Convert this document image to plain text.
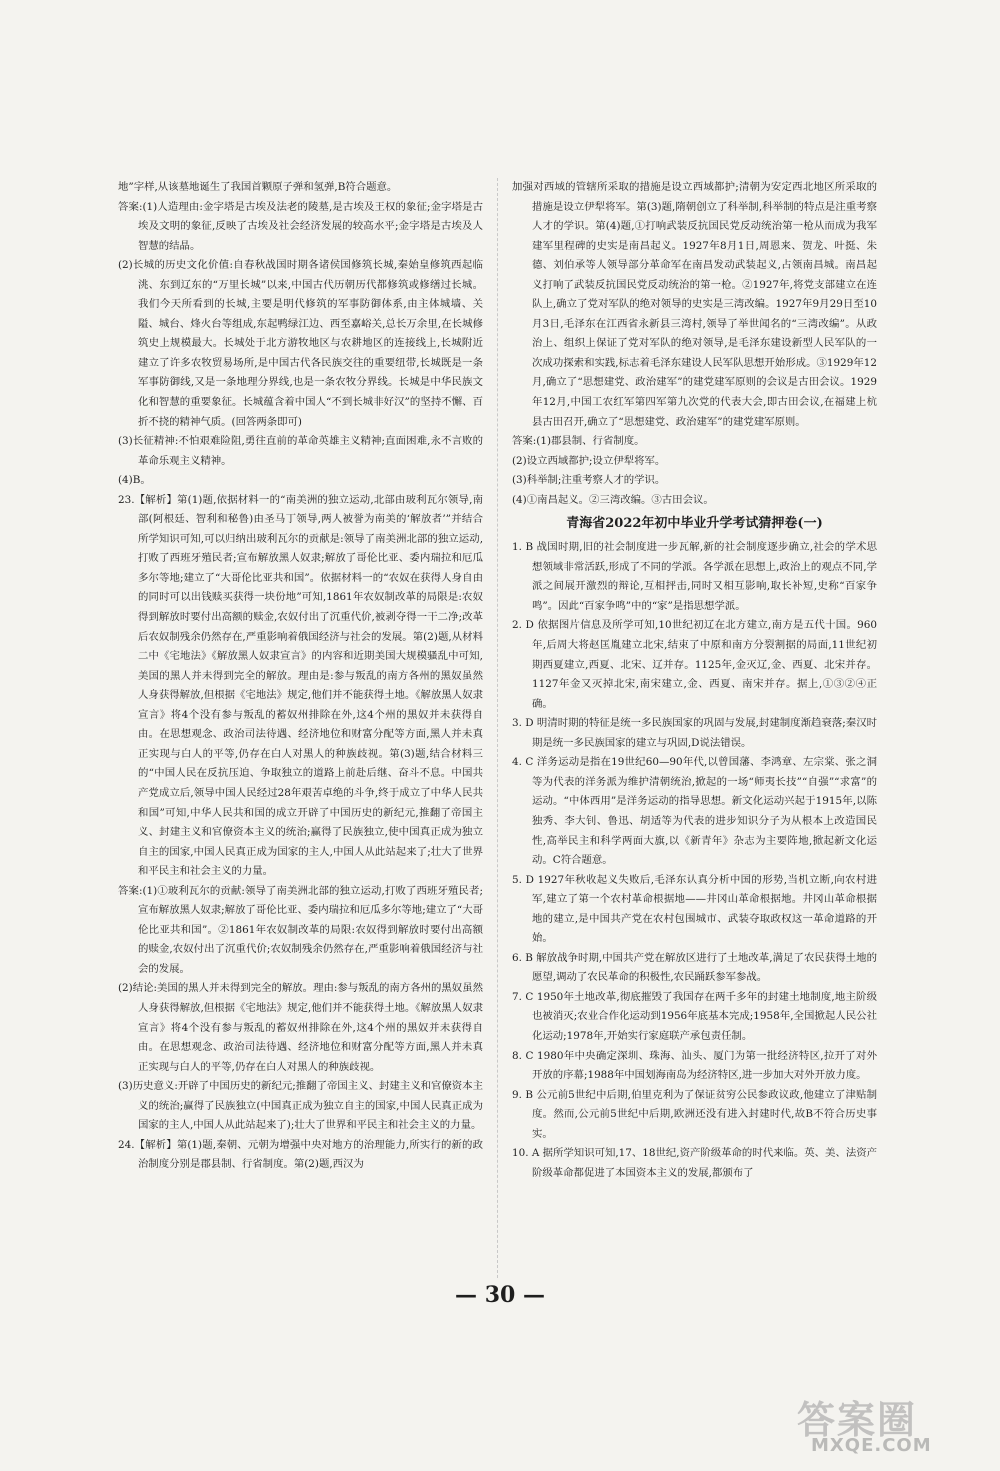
地”字样,从该墓地诞生了我国首颗原子弹和氢弹,B符合题意。
答案:(1)人造理由:金字塔是古埃及法老的陵墓,是古埃及王权的象征;金字塔是古埃及文明的象征,反映了古埃及社会经济发展的较高水平;金字塔是古埃及人智慧的结晶。
(2)长城的历史文化价值:自春秋战国时期各诸侯国修筑长城,秦始皇修筑西起临洮、东到辽东的“万里长城”以来,中国古代历朝历代都修筑或修缮过长城。我们今天所看到的长城,主要是明代修筑的军事防御体系,由主体城墙、关隘、城台、烽火台等组成,东起鸭绿江边、西至嘉峪关,总长万余里,在长城修筑史上规模最大。长城处于北方游牧地区与农耕地区的连接线上,长城附近建立了许多农牧贸易场所,是中国古代各民族交往的重要纽带,长城既是一条军事防御线,又是一条地理分界线,也是一条农牧分界线。长城是中华民族文化和智慧的重要象征。长城蕴含着中国人“不到长城非好汉”的坚持不懈、百折不挠的精神气质。(回答两条即可)
(3)长征精神:不怕艰难险阻,勇往直前的革命英雄主义精神;直面困难,永不言败的革命乐观主义精神。
(4)B。
23.【解析】第(1)题,依据材料一的“南美洲的独立运动,北部由玻利瓦尔领导,南部(阿根廷、智利和秘鲁)由圣马丁领导,两人被誉为南美的‘解放者’”并结合所学知识可知,可以归纳出玻利瓦尔的贡献是:领导了南美洲北部的独立运动,打败了西班牙殖民者;宣布解放黑人奴隶;解放了哥伦比亚、委内瑞拉和厄瓜多尔等地;建立了“大哥伦比亚共和国”。依据材料一的“农奴在获得人身自由的同时可以出钱赎买获得一块份地”可知,1861年农奴制改革的局限是:农奴得到解放时要付出高额的赎金,农奴付出了沉重代价,被剥夺得一干二净;改革后农奴制残余仍然存在,严重影响着俄国经济与社会的发展。第(2)题,从材料二中《宅地法》《解放黑人奴隶宣言》的内容和近期美国大规模骚乱中可知,美国的黑人并未得到完全的解放。理由是:参与叛乱的南方各州的黑奴虽然人身获得解放,但根据《宅地法》规定,他们并不能获得土地。《解放黑人奴隶宣言》将4个没有参与叛乱的蓄奴州排除在外,这4个州的黑奴并未获得自由。在思想观念、政治司法待遇、经济地位和财富分配等方面,黑人并未真正实现与白人的平等,仍存在白人对黑人的种族歧视。第(3)题,结合材料三的“中国人民在反抗压迫、争取独立的道路上前赴后继、奋斗不息。中国共产党成立后,领导中国人民经过28年艰苦卓绝的斗争,终于成立了中华人民共和国”可知,中华人民共和国的成立开辟了中国历史的新纪元,推翻了帝国主义、封建主义和官僚资本主义的统治;赢得了民族独立,使中国真正成为独立自主的国家,中国人民真正成为国家的主人,中国人从此站起来了;壮大了世界和平民主和社会主义的力量。
答案:(1)①玻利瓦尔的贡献:领导了南美洲北部的独立运动,打败了西班牙殖民者;宣布解放黑人奴隶;解放了哥伦比亚、委内瑞拉和厄瓜多尔等地;建立了“大哥伦比亚共和国”。②1861年农奴制改革的局限:农奴得到解放时要付出高额的赎金,农奴付出了沉重代价;农奴制残余仍然存在,严重影响着俄国经济与社会的发展。
(2)结论:美国的黑人并未得到完全的解放。理由:参与叛乱的南方各州的黑奴虽然人身获得解放,但根据《宅地法》规定,他们并不能获得土地。《解放黑人奴隶宣言》将4个没有参与叛乱的蓄奴州排除在外,这4个州的黑奴并未获得自由。在思想观念、政治司法待遇、经济地位和财富分配等方面,黑人并未真正实现与白人的平等,仍存在白人对黑人的种族歧视。
(3)历史意义:开辟了中国历史的新纪元;推翻了帝国主义、封建主义和官僚资本主义的统治;赢得了民族独立(中国真正成为独立自主的国家,中国人民真正成为国家的主人,中国人从此站起来了);壮大了世界和平民主和社会主义的力量。
24.【解析】第(1)题,秦朝、元朝为增强中央对地方的治理能力,所实行的新的政治制度分别是郡县制、行省制度。第(2)题,西汉为
加强对西域的管辖所采取的措施是设立西域都护;清朝为安定西北地区所采取的措施是设立伊犁将军。第(3)题,隋朝创立了科举制,科举制的特点是注重考察人才的学识。第(4)题,①打响武装反抗国民党反动统治第一枪从而成为我军建军里程碑的史实是南昌起义。1927年8月1日,周恩来、贺龙、叶挺、朱德、刘伯承等人领导部分革命军在南昌发动武装起义,占领南昌城。南昌起义打响了武装反抗国民党反动统治的第一枪。②1927年,将党支部建立在连队上,确立了党对军队的绝对领导的史实是三湾改编。1927年9月29日至10月3日,毛泽东在江西省永新县三湾村,领导了举世闻名的“三湾改编”。从政治上、组织上保证了党对军队的绝对领导,是毛泽东建设新型人民军队的一次成功探索和实践,标志着毛泽东建设人民军队思想开始形成。③1929年12月,确立了“思想建党、政治建军”的建党建军原则的会议是古田会议。1929年12月,中国工农红军第四军第九次党的代表大会,即古田会议,在福建上杭县古田召开,确立了“思想建党、政治建军”的建党建军原则。
答案:(1)郡县制、行省制度。
(2)设立西域都护;设立伊犁将军。
(3)科举制;注重考察人才的学识。
(4)①南昌起义。②三湾改编。③古田会议。
青海省2022年初中毕业升学考试猜押卷(一)
1. B 战国时期,旧的社会制度进一步瓦解,新的社会制度逐步确立,社会的学术思想领域非常活跃,形成了不同的学派。各学派在思想上,政治上的观点不同,学派之间展开激烈的辩论,互相抨击,同时又相互影响,取长补短,史称“百家争鸣”。因此“百家争鸣”中的“家”是指思想学派。
2. D 依据图片信息及所学可知,10世纪初辽在北方建立,南方是五代十国。960年,后周大将赵匡胤建立北宋,结束了中原和南方分裂割据的局面,11世纪初期西夏建立,西夏、北宋、辽并存。1125年,金灭辽,金、西夏、北宋并存。1127年金又灭掉北宋,南宋建立,金、西夏、南宋并存。据上,①③②④正确。
3. D 明清时期的特征是统一多民族国家的巩固与发展,封建制度渐趋衰落;秦汉时期是统一多民族国家的建立与巩固,D说法错误。
4. C 洋务运动是指在19世纪60—90年代,以曾国藩、李鸿章、左宗棠、张之洞等为代表的洋务派为维护清朝统治,掀起的一场“师夷长技”“自强”“求富”的运动。“中体西用”是洋务运动的指导思想。新文化运动兴起于1915年,以陈独秀、李大钊、鲁迅、胡适等为代表的进步知识分子为从根本上改造国民性,高举民主和科学两面大旗,以《新青年》杂志为主要阵地,掀起新文化运动。C符合题意。
5. D 1927年秋收起义失败后,毛泽东认真分析中国的形势,当机立断,向农村进军,建立了第一个农村革命根据地——井冈山革命根据地。井冈山革命根据地的建立,是中国共产党在农村包围城市、武装夺取政权这一革命道路的开始。
6. B 解放战争时期,中国共产党在解放区进行了土地改革,满足了农民获得土地的愿望,调动了农民革命的积极性,农民踊跃参军参战。
7. C 1950年土地改革,彻底摧毁了我国存在两千多年的封建土地制度,地主阶级也被消灭;农业合作化运动到1956年底基本完成;1958年,全国掀起人民公社化运动;1978年,开始实行家庭联产承包责任制。
8. C 1980年中央确定深圳、珠海、汕头、厦门为第一批经济特区,拉开了对外开放的序幕;1988年中国划海南岛为经济特区,进一步加大对外开放力度。
9. B 公元前5世纪中后期,伯里克利为了保证贫穷公民参政议政,他建立了津贴制度。然而,公元前5世纪中后期,欧洲还没有进入封建时代,故B不符合历史事实。
10. A 据所学知识可知,17、18世纪,资产阶级革命的时代来临。英、美、法资产阶级革命都促进了本国资本主义的发展,都颁布了
— 30 —
答案圈
MXQE.COM
